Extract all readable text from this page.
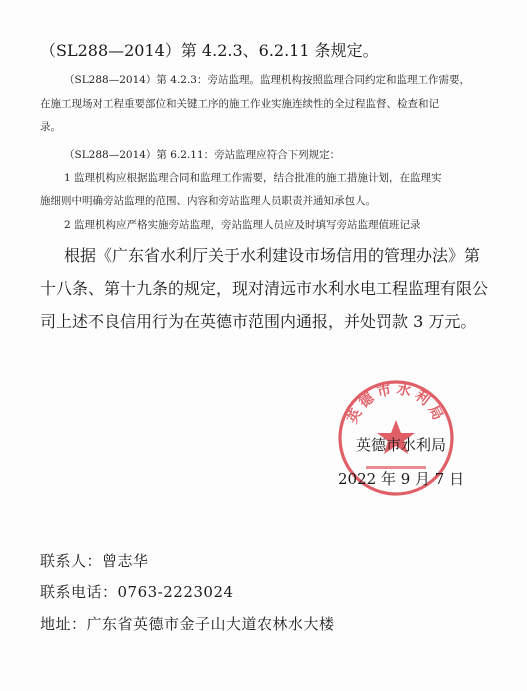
（SL288—2014）第 4.2.3、6.2.11 条规定。
（SL288—2014）第 4.2.3：旁站监理。监理机构按照监理合同约定和监理工作需要，
在施工现场对工程重要部位和关键工序的施工作业实施连续性的全过程监督、检查和记
录。
（SL288—2014）第 6.2.11：旁站监理应符合下列规定：
1 监理机构应根据监理合同和监理工作需要，结合批准的施工措施计划，在监理实
施细则中明确旁站监理的范围、内容和旁站监理人员职责并通知承包人。
2 监理机构应严格实施旁站监理，旁站监理人员应及时填写旁站监理值班记录
根据《广东省水利厅关于水利建设市场信用的管理办法》第
十八条、第十九条的规定，现对清远市水利水电工程监理有限公
司上述不良信用行为在英德市范围内通报，并处罚款 3 万元。
英德市水利局
英德市水利局
2022 年 9 月 7 日
联系人：曾志华
联系电话：0763-2223024
地址：广东省英德市金子山大道农林水大楼
